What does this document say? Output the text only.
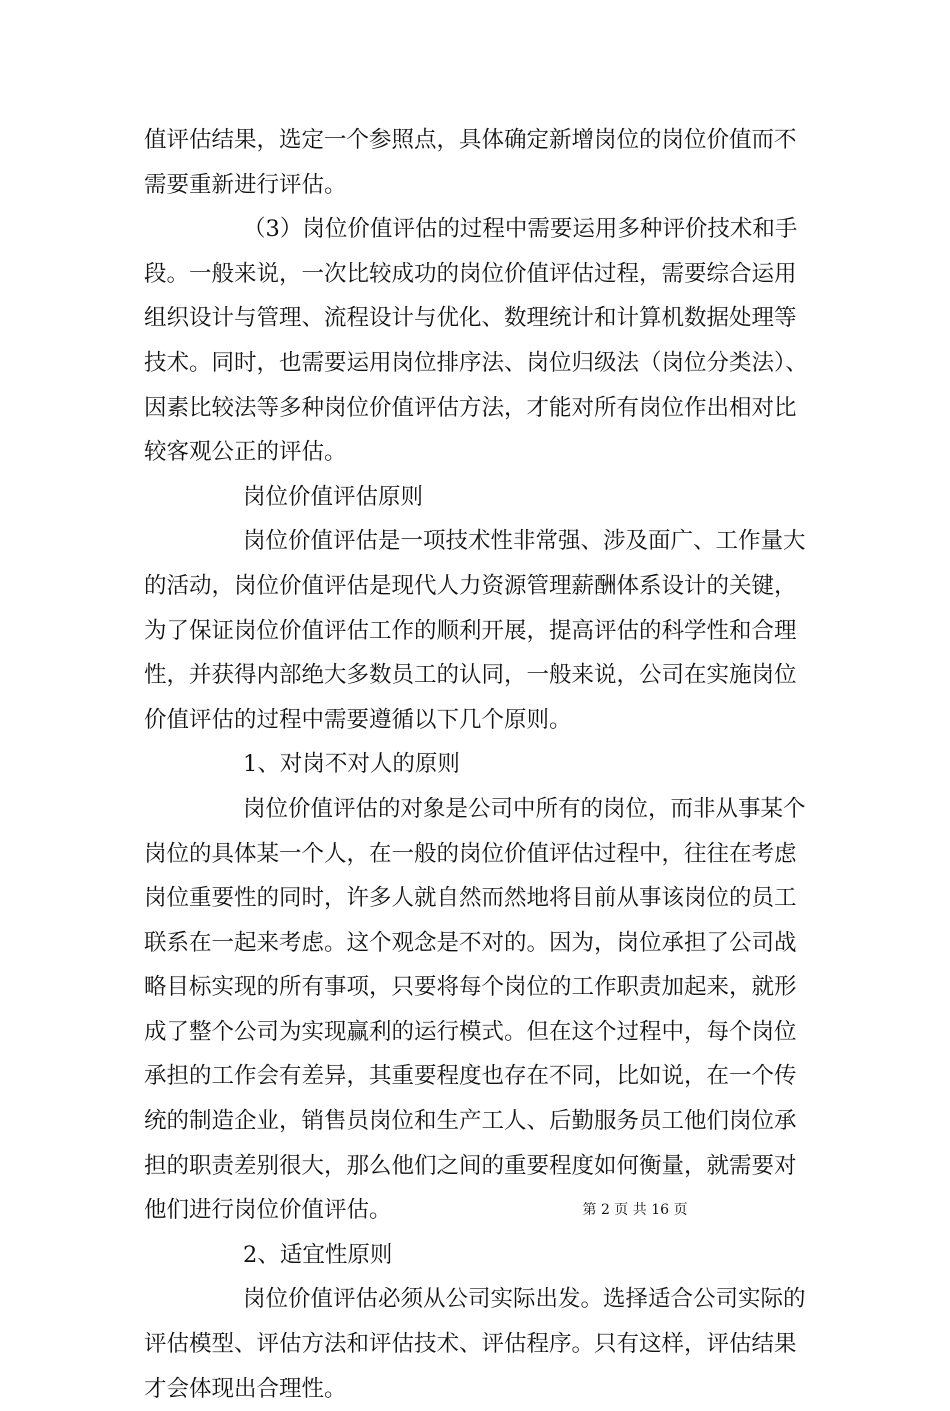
值评估结果，选定一个参照点，具体确定新增岗位的岗位价值而不
需要重新进行评估。
（3）岗位价值评估的过程中需要运用多种评价技术和手
段。一般来说，一次比较成功的岗位价值评估过程，需要综合运用
组织设计与管理、流程设计与优化、数理统计和计算机数据处理等
技术。同时，也需要运用岗位排序法、岗位归级法（岗位分类法）、
因素比较法等多种岗位价值评估方法，才能对所有岗位作出相对比
较客观公正的评估。
岗位价值评估原则
岗位价值评估是一项技术性非常强、涉及面广、工作量大
的活动，岗位价值评估是现代人力资源管理薪酬体系设计的关键，
为了保证岗位价值评估工作的顺利开展，提高评估的科学性和合理
性，并获得内部绝大多数员工的认同，一般来说，公司在实施岗位
价值评估的过程中需要遵循以下几个原则。
1、对岗不对人的原则
岗位价值评估的对象是公司中所有的岗位，而非从事某个
岗位的具体某一个人，在一般的岗位价值评估过程中，往往在考虑
岗位重要性的同时，许多人就自然而然地将目前从事该岗位的员工
联系在一起来考虑。这个观念是不对的。因为，岗位承担了公司战
略目标实现的所有事项，只要将每个岗位的工作职责加起来，就形
成了整个公司为实现赢利的运行模式。但在这个过程中，每个岗位
承担的工作会有差异，其重要程度也存在不同，比如说，在一个传
统的制造企业，销售员岗位和生产工人、后勤服务员工他们岗位承
担的职责差别很大，那么他们之间的重要程度如何衡量，就需要对
他们进行岗位价值评估。
2、适宜性原则
岗位价值评估必须从公司实际出发。选择适合公司实际的
评估模型、评估方法和评估技术、评估程序。只有这样，评估结果
才会体现出合理性。
第 2 页 共 16 页
